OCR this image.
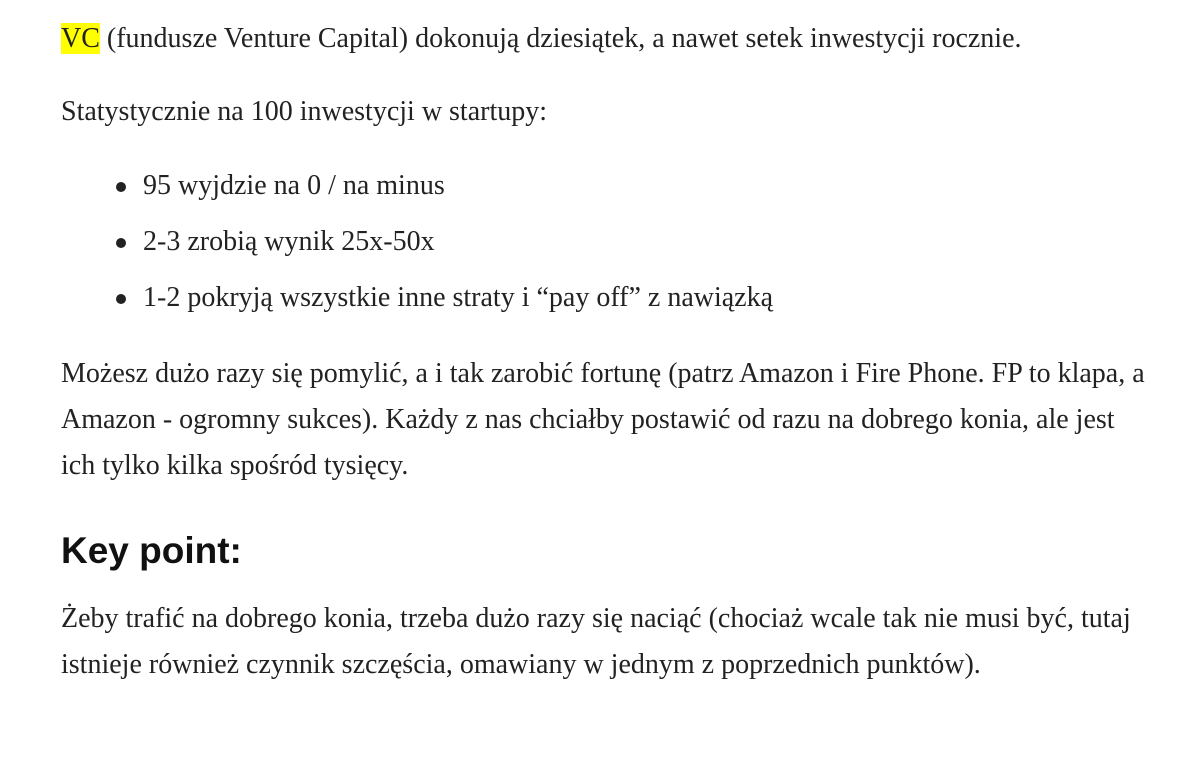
VC (fundusze Venture Capital) dokonują dziesiątek, a nawet setek inwestycji rocznie.

Statystycznie na 100 inwestycji w startupy:

95 wyjdzie na 0 / na minus
2-3 zrobią wynik 25x-50x
1-2 pokryją wszystkie inne straty i “pay off” z nawiązką

Możesz dużo razy się pomylić, a i tak zarobić fortunę (patrz Amazon i Fire Phone. FP to klapa, a Amazon - ogromny sukces). Każdy z nas chciałby postawić od razu na dobrego konia, ale jest ich tylko kilka spośród tysięcy.

Key point:

Żeby trafić na dobrego konia, trzeba dużo razy się naciąć (chociaż wcale tak nie musi być, tutaj istnieje również czynnik szczęścia, omawiany w jednym z poprzednich punktów).
